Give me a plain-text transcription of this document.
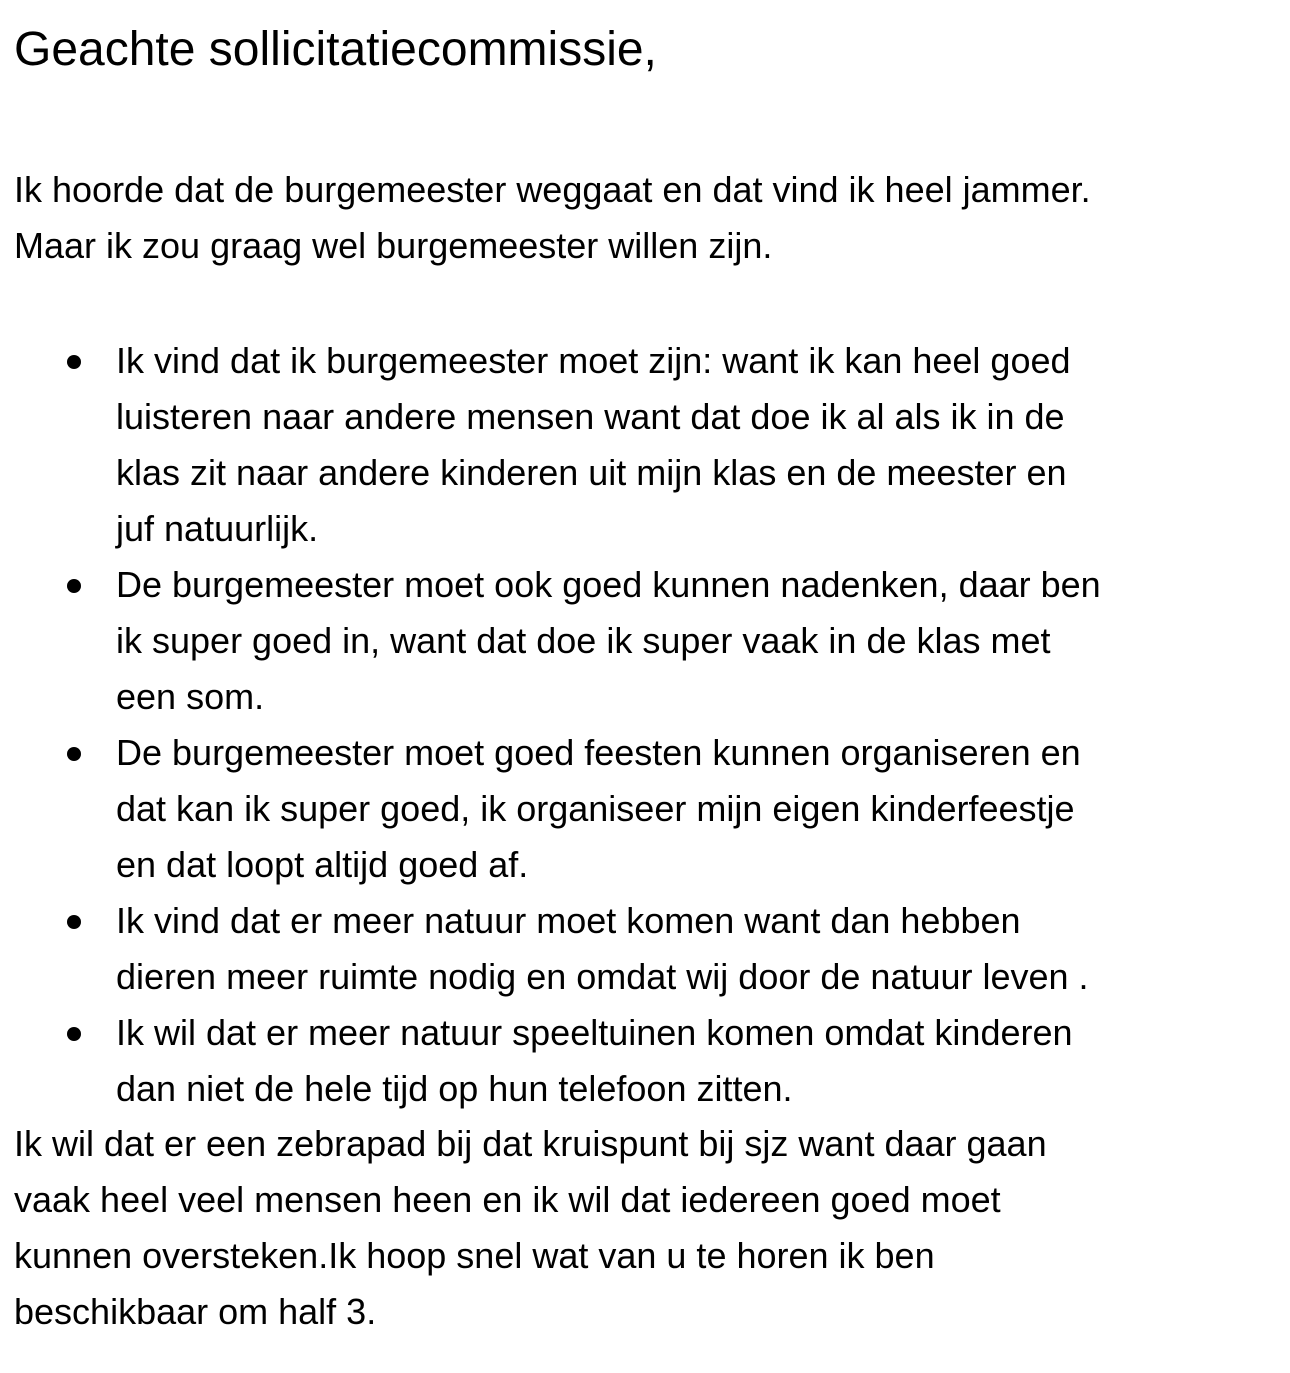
Geachte sollicitatiecommissie,

Ik hoorde dat de burgemeester weggaat en dat vind ik heel jammer.

Maar ik zou graag wel burgemeester willen zijn.

Ik vind dat ik burgemeester moet zijn: want ik kan heel goed
luisteren naar andere mensen want dat doe ik al als ik in de
klas zit naar andere kinderen uit mijn klas en de meester en
juf natuurlijk.
De burgemeester moet ook goed kunnen nadenken, daar ben
ik super goed in, want dat doe ik super vaak in de klas met
een som.
De burgemeester moet goed feesten kunnen organiseren en
dat kan ik super goed, ik organiseer mijn eigen kinderfeestje
en dat loopt altijd goed af.
Ik vind dat er meer natuur moet komen want dan hebben
dieren meer ruimte nodig en omdat wij door de natuur leven .
Ik wil dat er meer natuur speeltuinen komen omdat kinderen
dan niet de hele tijd op hun telefoon zitten.

Ik wil dat er een zebrapad bij dat kruispunt bij sjz want daar gaan
vaak heel veel mensen heen en ik wil dat iedereen goed moet
kunnen oversteken.Ik hoop snel wat van u te horen ik ben
beschikbaar om half 3.
